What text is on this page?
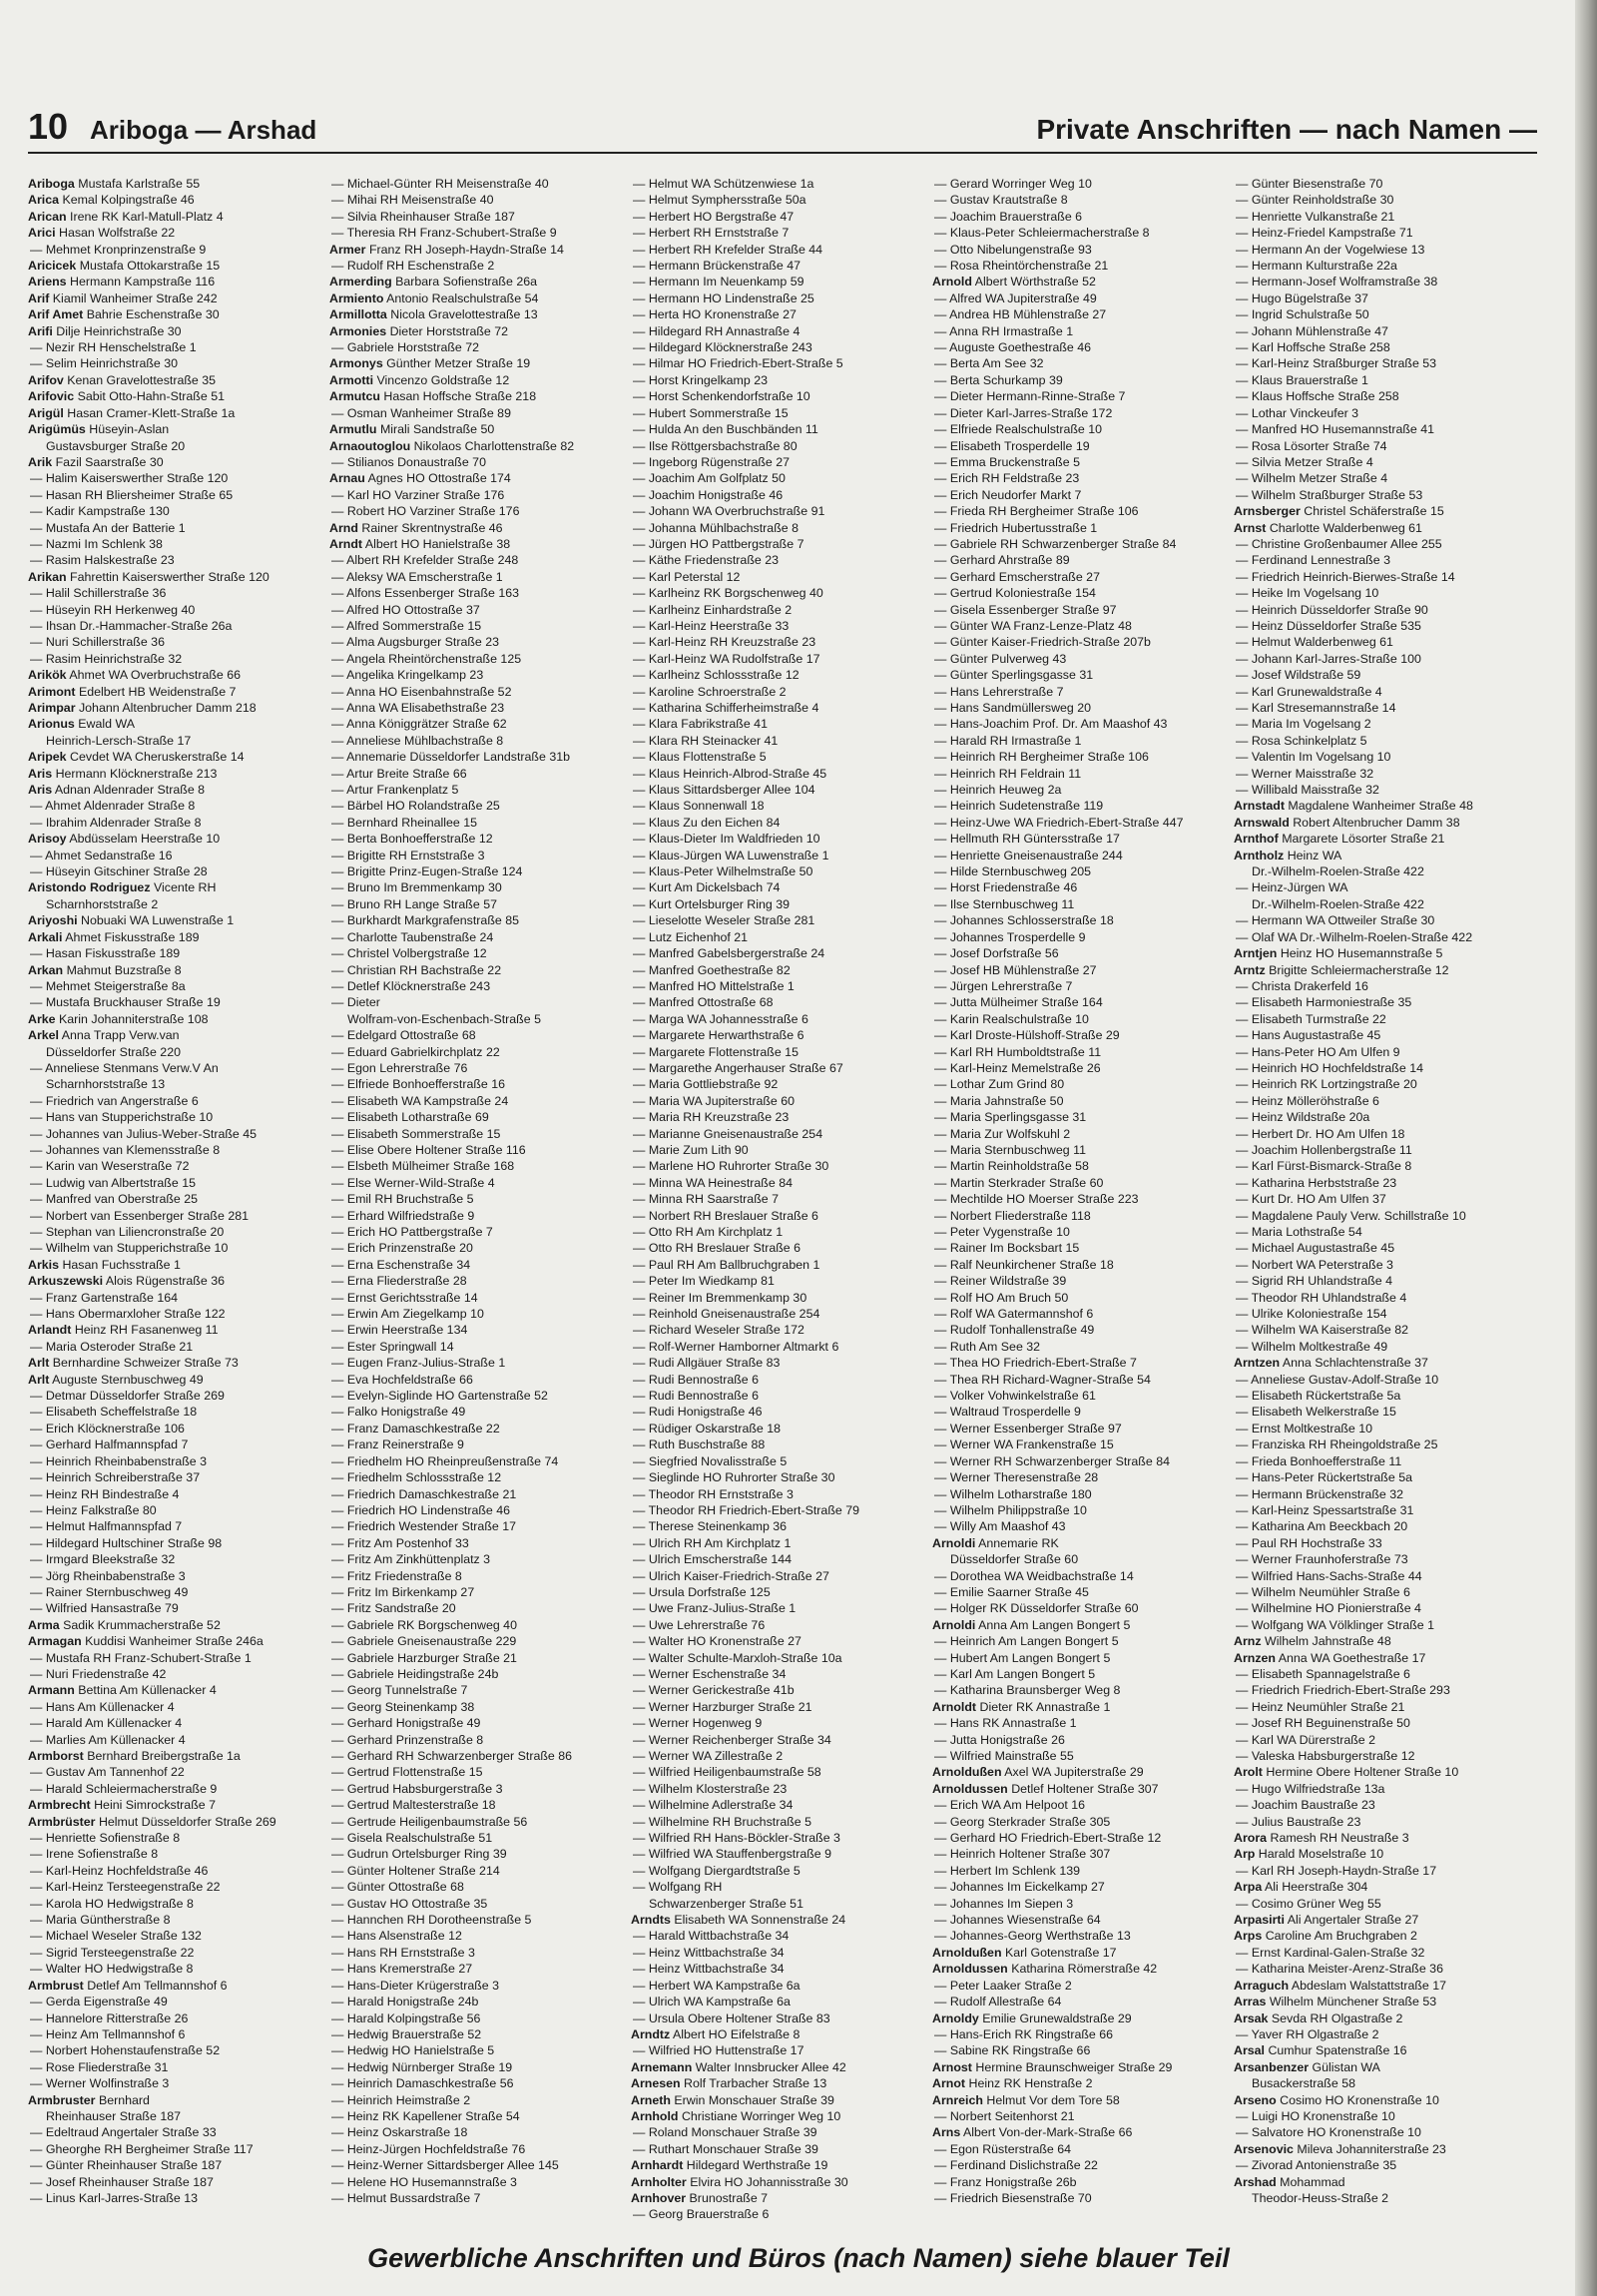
10 Ariboga — Arshad	Private Anschriften — nach Namen —
Ariboga Mustafa Karlstraße 55
Arica Kemal Kolpingstraße 46
Arican Irene RK Karl-Matull-Platz 4
Arici Hasan Wolfstraße 22
— Mehmet Kronprinzenstraße 9
Aricicek Mustafa Ottokarstraße 15
Ariens Hermann Kampstraße 116
Arif Kiamil Wanheimer Straße 242
Arif Amet Bahrie Eschenstraße 30
Arifi Dilje Heinrichstraße 30
— Nezir RH Henschelstraße 1
— Selim Heinrichstraße 30
Arifov Kenan Gravelottestraße 35
Arifovic Sabit Otto-Hahn-Straße 51
Arigül Hasan Cramer-Klett-Straße 1a
Arigümüs Hüseyin-Aslan
Gustavsburger Straße 20
Arik Fazil Saarstraße 30
— Halim Kaiserswerther Straße 120
— Hasan RH Bliersheimer Straße 65
— Kadir Kampstraße 130
— Mustafa An der Batterie 1
— Nazmi Im Schlenk 38
— Rasim Halskestraße 23
Arikan Fahrettin Kaiserswerther Straße 120
— Halil Schillerstraße 36
— Hüseyin RH Herkenweg 40
— Ihsan Dr.-Hammacher-Straße 26a
— Nuri Schillerstraße 36
— Rasim Heinrichstraße 32
Arikök Ahmet WA Overbruchstraße 66
Arimont Edelbert HB Weidenstraße 7
Arimpar Johann Altenbrucher Damm 218
Arionus Ewald WA
Heinrich-Lersch-Straße 17
Aripek Cevdet WA Cheruskerstraße 14
Aris Hermann Klöcknerstraße 213
Aris Adnan Aldenrader Straße 8
— Ahmet Aldenrader Straße 8
— Ibrahim Aldenrader Straße 8
Arisoy Abdüsselam Heerstraße 10
— Ahmet Sedanstraße 16
— Hüseyin Gitschiner Straße 28
Aristondo Rodriguez Vicente RH
Scharnhorststraße 2
Ariyoshi Nobuaki WA Luwenstraße 1
Arkali Ahmet Fiskusstraße 189
— Hasan Fiskusstraße 189
Arkan Mahmut Buzstraße 8
— Mehmet Steigerstraße 8a
— Mustafa Bruckhauser Straße 19
Arke Karin Johanniterstraße 108
Arkel Anna Trapp Verw.van
Düsseldorfer Straße 220
— Anneliese Stenmans Verw.V An
Scharnhorststraße 13
— Friedrich van Angerstraße 6
— Hans van Stupperichstraße 10
— Johannes van Julius-Weber-Straße 45
— Johannes van Klemensstraße 8
— Karin van Weserstraße 72
— Ludwig van Albertstraße 15
— Manfred van Oberstraße 25
— Norbert van Essenberger Straße 281
— Stephan van Liliencronstraße 20
— Wilhelm van Stupperichstraße 10
Arkis Hasan Fuchsstraße 1
Arkuszewski Alois Rügenstraße 36
— Franz Gartenstraße 164
— Hans Obermarxloher Straße 122
Arlandt Heinz RH Fasanenweg 11
— Maria Osteroder Straße 21
Arlt Bernhardine Schweizer Straße 73
Arlt Auguste Sternbuschweg 49
— Detmar Düsseldorfer Straße 269
— Elisabeth Scheffelstraße 18
— Erich Klöcknerstraße 106
— Gerhard Halfmannspfad 7
— Heinrich Rheinbabenstraße 3
— Heinrich Schreiberstraße 37
— Heinz RH Bindestraße 4
— Heinz Falkstraße 80
— Helmut Halfmannspfad 7
— Hildegard Hultschiner Straße 98
— Irmgard Bleekstraße 32
— Jörg Rheinbabenstraße 3
— Rainer Sternbuschweg 49
— Wilfried Hansastraße 79
Arma Sadik Krummacherstraße 52
Armagan Kuddisi Wanheimer Straße 246a
— Mustafa RH Franz-Schubert-Straße 1
— Nuri Friedenstraße 42
Armann Bettina Am Küllenacker 4
— Hans Am Küllenacker 4
— Harald Am Küllenacker 4
— Marlies Am Küllenacker 4
Armborst Bernhard Breibergstraße 1a
— Gustav Am Tannenhof 22
— Harald Schleiermacherstraße 9
Armbrecht Heini Simrockstraße 7
Armbrüster Helmut Düsseldorfer Straße 269
— Henriette Sofienstraße 8
— Irene Sofienstraße 8
— Karl-Heinz Hochfeldstraße 46
— Karl-Heinz Tersteegenstraße 22
— Karola HO Hedwigstraße 8
— Maria Güntherstraße 8
— Michael Weseler Straße 132
— Sigrid Tersteegenstraße 22
— Walter HO Hedwigstraße 8
Armbrust Detlef Am Tellmannshof 6
— Gerda Eigenstraße 49
— Hannelore Ritterstraße 26
— Heinz Am Tellmannshof 6
— Norbert Hohenstaufenstraße 52
— Rose Fliederstraße 31
— Werner Wolfinstraße 3
Armbruster Bernhard
Rheinhauser Straße 187
— Edeltraud Angertaler Straße 33
— Gheorghe RH Bergheimer Straße 117
— Günter Rheinhauser Straße 187
— Josef Rheinhauser Straße 187
— Linus Karl-Jarres-Straße 13
— Michael-Günter RH Meisenstraße 40
— Mihai RH Meisenstraße 40
— Silvia Rheinhauser Straße 187
— Theresia RH Franz-Schubert-Straße 9
Armer Franz RH Joseph-Haydn-Straße 14
— Rudolf RH Eschenstraße 2
Armerding Barbara Sofienstraße 26a
Armiento Antonio Realschulstraße 54
Armillotta Nicola Gravelottestraße 13
Armonies Dieter Horststraße 72
— Gabriele Horststraße 72
Armonys Günther Metzer Straße 19
Armotti Vincenzo Goldstraße 12
Armutcu Hasan Hoffsche Straße 218
— Osman Wanheimer Straße 89
Armutlu Mirali Sandstraße 50
Arnaoutoglou Nikolaos Charlottenstraße 82
— Stilianos Donaustraße 70
Arnau Agnes HO Ottostraße 174
— Karl HO Varziner Straße 176
— Robert HO Varziner Straße 176
Arnd Rainer Skrentnystraße 46
Arndt Albert HO Hanielstraße 38
— Albert RH Krefelder Straße 248
— Aleksy WA Emscherstraße 1
— Alfons Essenberger Straße 163
— Alfred HO Ottostraße 37
— Alfred Sommerstraße 15
— Alma Augsburger Straße 23
— Angela Rheintörchenstraße 125
— Angelika Kringelkamp 23
— Anna HO Eisenbahnstraße 52
— Anna WA Elisabethstraße 23
— Anna Königgrätzer Straße 62
— Anneliese Mühlbachstraße 8
— Annemarie Düsseldorfer Landstraße 31b
— Artur Breite Straße 66
— Artur Frankenplatz 5
— Bärbel HO Rolandstraße 25
— Bernhard Rheinallee 15
— Berta Bonhoefferstraße 12
— Brigitte RH Ernststraße 3
— Brigitte Prinz-Eugen-Straße 124
— Bruno Im Bremmenkamp 30
— Bruno RH Lange Straße 57
— Burkhardt Markgrafenstraße 85
— Charlotte Taubenstraße 24
— Christel Volbergstraße 12
— Christian RH Bachstraße 22
— Detlef Klöcknerstraße 243
— Dieter
Wolfram-von-Eschenbach-Straße 5
— Edelgard Ottostraße 68
— Eduard Gabrielkirchplatz 22
— Egon Lehrerstraße 76
— Elfriede Bonhoefferstraße 16
— Elisabeth WA Kampstraße 24
— Elisabeth Lotharstraße 69
— Elisabeth Sommerstraße 15
— Elise Obere Holtener Straße 116
— Elsbeth Mülheimer Straße 168
— Else Werner-Wild-Straße 4
— Emil RH Bruchstraße 5
— Erhard Wilfriedstraße 9
— Erich HO Pattbergstraße 7
— Erich Prinzenstraße 20
— Erna Eschenstraße 34
— Erna Fliederstraße 28
— Ernst Gerichtsstraße 14
— Erwin Am Ziegelkamp 10
— Erwin Heerstraße 134
— Ester Springwall 14
— Eugen Franz-Julius-Straße 1
— Eva Hochfeldstraße 66
— Evelyn-Siglinde HO Gartenstraße 52
— Falko Honigstraße 49
— Franz Damaschkestraße 22
— Franz Reinerstraße 9
— Friedhelm HO Rheinpreußenstraße 74
— Friedhelm Schlossstraße 12
— Friedrich Damaschkestraße 21
— Friedrich HO Lindenstraße 46
— Friedrich Westender Straße 17
— Fritz Am Postenhof 33
— Fritz Am Zinkhüttenplatz 3
— Fritz Friedenstraße 8
— Fritz Im Birkenkamp 27
— Fritz Sandstraße 20
— Gabriele RK Borgschenweg 40
— Gabriele Gneisenaustraße 229
— Gabriele Harzburger Straße 21
— Gabriele Heidingstraße 24b
— Georg Tunnelstraße 7
— Georg Steinenkamp 38
— Gerhard Honigstraße 49
— Gerhard Prinzenstraße 8
— Gerhard RH Schwarzenberger Straße 86
— Gertrud Flottenstraße 15
— Gertrud Habsburgerstraße 3
— Gertrud Maltesterstraße 18
— Gertrude Heiligenbaumstraße 56
— Gisela Realschulstraße 51
— Gudrun Ortelsburger Ring 39
— Günter Holtener Straße 214
— Günter Ottostraße 68
— Gustav HO Ottostraße 35
— Hannchen RH Dorotheenstraße 5
— Hans Alsenstraße 12
— Hans RH Ernststraße 3
— Hans Kremerstraße 27
— Hans-Dieter Krügerstraße 3
— Harald Honigstraße 24b
— Harald Kolpingstraße 56
— Hedwig Brauerstraße 52
— Hedwig HO Hanielstraße 5
— Hedwig Nürnberger Straße 19
— Heinrich Damaschkestraße 56
— Heinrich Heimstraße 2
— Heinz RK Kapellener Straße 54
— Heinz Oskarstraße 18
— Heinz-Jürgen Hochfeldstraße 76
— Heinz-Werner Sittardsberger Allee 145
— Helene HO Husemannstraße 3
— Helmut Bussardstraße 7
— Helmut WA Schützenwiese 1a
— Helmut Symphersstraße 50a
— Herbert HO Bergstraße 47
— Herbert RH Ernststraße 7
— Herbert RH Krefelder Straße 44
— Hermann Brückenstraße 47
— Hermann Im Neuenkamp 59
— Hermann HO Lindenstraße 25
— Herta HO Kronenstraße 27
— Hildegard RH Annastraße 4
— Hildegard Klöcknerstraße 243
— Hilmar HO Friedrich-Ebert-Straße 5
— Horst Kringelkamp 23
— Horst Schenkendorfstraße 10
— Hubert Sommerstraße 15
— Hulda An den Buschbänden 11
— Ilse Röttgersbachstraße 80
— Ingeborg Rügenstraße 27
— Joachim Am Golfplatz 50
— Joachim Honigstraße 46
— Johann WA Overbruchstraße 91
— Johanna Mühlbachstraße 8
— Jürgen HO Pattbergstraße 7
— Käthe Friedenstraße 23
— Karl Peterstal 12
— Karlheinz RK Borgschenweg 40
— Karlheinz Einhardstraße 2
— Karl-Heinz Heerstraße 33
— Karl-Heinz RH Kreuzstraße 23
— Karl-Heinz WA Rudolfstraße 17
— Karlheinz Schlossstraße 12
— Karoline Schroerstraße 2
— Katharina Schifferheimstraße 4
— Klara Fabrikstraße 41
— Klara RH Steinacker 41
— Klaus Flottenstraße 5
— Klaus Heinrich-Albrod-Straße 45
— Klaus Sittardsberger Allee 104
— Klaus Sonnenwall 18
— Klaus Zu den Eichen 84
— Klaus-Dieter Im Waldfrieden 10
— Klaus-Jürgen WA Luwenstraße 1
— Klaus-Peter Wilhelmstraße 50
— Kurt Am Dickelsbach 74
— Kurt Ortelsburger Ring 39
— Lieselotte Weseler Straße 281
— Lutz Eichenhof 21
— Manfred Gabelsbergerstraße 24
— Manfred Goethestraße 82
— Manfred HO Mittelstraße 1
— Manfred Ottostraße 68
— Marga WA Johannesstraße 6
— Margarete Herwarthstraße 6
— Margarete Flottenstraße 15
— Margarethe Angerhauser Straße 67
— Maria Gottliebstraße 92
— Maria WA Jupiterstraße 60
— Maria RH Kreuzstraße 23
— Marianne Gneisenaustraße 254
— Marie Zum Lith 90
— Marlene HO Ruhrorter Straße 30
— Minna WA Heinestraße 84
— Minna RH Saarstraße 7
— Norbert RH Breslauer Straße 6
— Otto RH Am Kirchplatz 1
— Otto RH Breslauer Straße 6
— Paul RH Am Ballbruchgraben 1
— Peter Im Wiedkamp 81
— Reiner Im Bremmenkamp 30
— Reinhold Gneisenaustraße 254
— Richard Weseler Straße 172
— Rolf-Werner Hamborner Altmarkt 6
— Rudi Allgäuer Straße 83
— Rudi Bennostraße 6
— Rudi Bennostraße 6
— Rudi Honigstraße 46
— Rüdiger Oskarstraße 18
— Ruth Buschstraße 88
— Siegfried Novalisstraße 5
— Sieglinde HO Ruhrorter Straße 30
— Theodor RH Ernststraße 3
— Theodor RH Friedrich-Ebert-Straße 79
— Therese Steinenkamp 36
— Ulrich RH Am Kirchplatz 1
— Ulrich Emscherstraße 144
— Ulrich Kaiser-Friedrich-Straße 27
— Ursula Dorfstraße 125
— Uwe Franz-Julius-Straße 1
— Uwe Lehrerstraße 76
— Walter HO Kronenstraße 27
— Walter Schulte-Marxloh-Straße 10a
— Werner Eschenstraße 34
— Werner Gerickestraße 41b
— Werner Harzburger Straße 21
— Werner Hogenweg 9
— Werner Reichenberger Straße 34
— Werner WA Zillestraße 2
— Wilfried Heiligenbaumstraße 58
— Wilhelm Klosterstraße 23
— Wilhelmine Adlerstraße 34
— Wilhelmine RH Bruchstraße 5
— Wilfried RH Hans-Böckler-Straße 3
— Wilfried WA Stauffenbergstraße 9
— Wolfgang Diergardtstraße 5
— Wolfgang RH
Schwarzenberger Straße 51
Arndts Elisabeth WA Sonnenstraße 24
— Harald Wittbachstraße 34
— Heinz Wittbachstraße 34
— Heinz Wittbachstraße 34
— Herbert WA Kampstraße 6a
— Ulrich WA Kampstraße 6a
— Ursula Obere Holtener Straße 83
Arndtz Albert HO Eifelstraße 8
— Wilfried HO Huttenstraße 17
Arnemann Walter Innsbrucker Allee 42
Arnesen Rolf Trarbacher Straße 13
Arneth Erwin Monschauer Straße 39
Arnhold Christiane Worringer Weg 10
— Roland Monschauer Straße 39
— Ruthart Monschauer Straße 39
Arnhardt Hildegard Werthstraße 19
Arnholter Elvira HO Johannisstraße 30
Arnhover Brunostraße 7
— Georg Brauerstraße 6
— Gerard Worringer Weg 10
— Gustav Krautstraße 8
— Joachim Brauerstraße 6
— Klaus-Peter Schleiermacherstraße 8
— Otto Nibelungenstraße 93
— Rosa Rheintörchenstraße 21
Arnold Albert Wörthstraße 52
— Alfred WA Jupiterstraße 49
— Andrea HB Mühlenstraße 27
— Anna RH Irmastraße 1
— Auguste Goethestraße 46
— Berta Am See 32
— Berta Schurkamp 39
— Dieter Hermann-Rinne-Straße 7
— Dieter Karl-Jarres-Straße 172
— Elfriede Realschulstraße 10
— Elisabeth Trosperdelle 19
— Emma Bruckenstraße 5
— Erich RH Feldstraße 23
— Erich Neudorfer Markt 7
— Frieda RH Bergheimer Straße 106
— Friedrich Hubertusstraße 1
— Gabriele RH Schwarzenberger Straße 84
— Gerhard Ahrstraße 89
— Gerhard Emscherstraße 27
— Gertrud Koloniestraße 154
— Gisela Essenberger Straße 97
— Günter WA Franz-Lenze-Platz 48
— Günter Kaiser-Friedrich-Straße 207b
— Günter Pulverweg 43
— Günter Sperlingsgasse 31
— Hans Lehrerstraße 7
— Hans Sandmüllersweg 20
— Hans-Joachim Prof. Dr. Am Maashof 43
— Harald RH Irmastraße 1
— Heinrich RH Bergheimer Straße 106
— Heinrich RH Feldrain 11
— Heinrich Heuweg 2a
— Heinrich Sudetenstraße 119
— Heinz-Uwe WA Friedrich-Ebert-Straße 447
— Hellmuth RH Güntersstraße 17
— Henriette Gneisenaustraße 244
— Hilde Sternbuschweg 205
— Horst Friedenstraße 46
— Ilse Sternbuschweg 11
— Johannes Schlosserstraße 18
— Johannes Trosperdelle 9
— Josef Dorfstraße 56
— Josef HB Mühlenstraße 27
— Jürgen Lehrerstraße 7
— Jutta Mülheimer Straße 164
— Karin Realschulstraße 10
— Karl Droste-Hülshoff-Straße 29
— Karl RH Humboldtstraße 11
— Karl-Heinz Memelstraße 26
— Lothar Zum Grind 80
— Maria Jahnstraße 50
— Maria Sperlingsgasse 31
— Maria Zur Wolfskuhl 2
— Maria Sternbuschweg 11
— Martin Reinholdstraße 58
— Martin Sterkrader Straße 60
— Mechtilde HO Moerser Straße 223
— Norbert Fliederstraße 118
— Peter Vygenstraße 10
— Rainer Im Bocksbart 15
— Ralf Neunkirchener Straße 18
— Reiner Wildstraße 39
— Rolf HO Am Bruch 50
— Rolf WA Gatermannshof 6
— Rudolf Tonhallenstraße 49
— Ruth Am See 32
— Thea HO Friedrich-Ebert-Straße 7
— Thea RH Richard-Wagner-Straße 54
— Volker Vohwinkelstraße 61
— Waltraud Trosperdelle 9
— Werner Essenberger Straße 97
— Werner WA Frankenstraße 15
— Werner RH Schwarzenberger Straße 84
— Werner Theresenstraße 28
— Wilhelm Lotharstraße 180
— Wilhelm Philippstraße 10
— Willy Am Maashof 43
Arnoldi Annemarie RK
Düsseldorfer Straße 60
— Dorothea WA Weidbachstraße 14
— Emilie Saarner Straße 45
— Holger RK Düsseldorfer Straße 60
Arnoldi Anna Am Langen Bongert 5
— Heinrich Am Langen Bongert 5
— Hubert Am Langen Bongert 5
— Karl Am Langen Bongert 5
— Katharina Braunsberger Weg 8
Arnoldt Dieter RK Annastraße 1
— Hans RK Annastraße 1
— Jutta Honigstraße 26
— Wilfried Mainstraße 55
Arnoldußen Axel WA Jupiterstraße 29
Arnoldussen Detlef Holtener Straße 307
— Erich WA Am Helpoot 16
— Georg Sterkrader Straße 305
— Gerhard HO Friedrich-Ebert-Straße 12
— Heinrich Holtener Straße 307
— Herbert Im Schlenk 139
— Johannes Im Eickelkamp 27
— Johannes Im Siepen 3
— Johannes Wiesenstraße 64
— Johannes-Georg Werthstraße 13
Arnoldußen Karl Gotenstraße 17
Arnoldussen Katharina Römerstraße 42
— Peter Laaker Straße 2
— Rudolf Allestraße 64
Arnoldy Emilie Grunewaldstraße 29
— Hans-Erich RK Ringstraße 66
— Sabine RK Ringstraße 66
Arnost Hermine Braunschweiger Straße 29
Arnot Heinz RK Henstraße 2
Arnreich Helmut Vor dem Tore 58
— Norbert Seitenhorst 21
Arns Albert Von-der-Mark-Straße 66
— Egon Rüsterstraße 64
— Ferdinand Dislichstraße 22
— Franz Honigstraße 26b
— Friedrich Biesenstraße 70
— Günter Biesenstraße 70
— Günter Reinholdstraße 30
— Henriette Vulkanstraße 21
— Heinz-Friedel Kampstraße 71
— Hermann An der Vogelwiese 13
— Hermann Kulturstraße 22a
— Hermann-Josef Wolframstraße 38
— Hugo Bügelstraße 37
— Ingrid Schulstraße 50
— Johann Mühlenstraße 47
— Karl Hoffsche Straße 258
— Karl-Heinz Straßburger Straße 53
— Klaus Brauerstraße 1
— Klaus Hoffsche Straße 258
— Lothar Vinckeufer 3
— Manfred HO Husemannstraße 41
— Rosa Lösorter Straße 74
— Silvia Metzer Straße 4
— Wilhelm Metzer Straße 4
— Wilhelm Straßburger Straße 53
Arnsberger Christel Schäferstraße 15
Arnst Charlotte Walderbenweg 61
— Christine Großenbaumer Allee 255
— Ferdinand Lennestraße 3
— Friedrich Heinrich-Bierwes-Straße 14
— Heike Im Vogelsang 10
— Heinrich Düsseldorfer Straße 90
— Heinz Düsseldorfer Straße 535
— Helmut Walderbenweg 61
— Johann Karl-Jarres-Straße 100
— Josef Wildstraße 59
— Karl Grunewaldstraße 4
— Karl Stresemannstraße 14
— Maria Im Vogelsang 2
— Rosa Schinkelplatz 5
— Valentin Im Vogelsang 10
— Werner Maisstraße 32
— Willibald Maisstraße 32
Arnstadt Magdalene Wanheimer Straße 48
Arnswald Robert Altenbrucher Damm 38
Arnthof Margarete Lösorter Straße 21
Arntholz Heinz WA
Dr.-Wilhelm-Roelen-Straße 422
— Heinz-Jürgen WA
Dr.-Wilhelm-Roelen-Straße 422
— Hermann WA Ottweiler Straße 30
— Olaf WA Dr.-Wilhelm-Roelen-Straße 422
Arntjen Heinz HO Husemannstraße 5
Arntz Brigitte Schleiermacherstraße 12
— Christa Drakerfeld 16
— Elisabeth Harmoniestraße 35
— Elisabeth Turmstraße 22
— Hans Augustastraße 45
— Hans-Peter HO Am Ulfen 9
— Heinrich HO Hochfeldstraße 14
— Heinrich RK Lortzingstraße 20
— Heinz Mölleröhstraße 6
— Heinz Wildstraße 20a
— Herbert Dr. HO Am Ulfen 18
— Joachim Hollenbergstraße 11
— Karl Fürst-Bismarck-Straße 8
— Katharina Herbststraße 23
— Kurt Dr. HO Am Ulfen 37
— Magdalene Pauly Verw. Schillstraße 10
— Maria Lothstraße 54
— Michael Augustastraße 45
— Norbert WA Peterstraße 3
— Sigrid RH Uhlandstraße 4
— Theodor RH Uhlandstraße 4
— Ulrike Koloniestraße 154
— Wilhelm WA Kaiserstraße 82
— Wilhelm Moltkestraße 49
Arntzen Anna Schlachtenstraße 37
— Anneliese Gustav-Adolf-Straße 10
— Elisabeth Rückertstraße 5a
— Elisabeth Welkerstraße 15
— Ernst Moltkestraße 10
— Franziska RH Rheingoldstraße 25
— Frieda Bonhoefferstraße 11
— Hans-Peter Rückertstraße 5a
— Hermann Brückenstraße 32
— Karl-Heinz Spessartstraße 31
— Katharina Am Beeckbach 20
— Paul RH Hochstraße 33
— Werner Fraunhoferstraße 73
— Wilfried Hans-Sachs-Straße 44
— Wilhelm Neumühler Straße 6
— Wilhelmine HO Pionierstraße 4
— Wolfgang WA Völklinger Straße 1
Arnz Wilhelm Jahnstraße 48
Arnzen Anna WA Goethestraße 17
— Elisabeth Spannagelstraße 6
— Friedrich Friedrich-Ebert-Straße 293
— Heinz Neumühler Straße 21
— Josef RH Beguinenstraße 50
— Karl WA Dürerstraße 2
— Valeska Habsburgerstraße 12
Arolt Hermine Obere Holtener Straße 10
— Hugo Wilfriedstraße 13a
— Joachim Baustraße 23
— Julius Baustraße 23
Arora Ramesh RH Neustraße 3
Arp Harald Moselstraße 10
— Karl RH Joseph-Haydn-Straße 17
Arpa Ali Heerstraße 304
— Cosimo Grüner Weg 55
Arpasirti Ali Angertaler Straße 27
Arps Caroline Am Bruchgraben 2
— Ernst Kardinal-Galen-Straße 32
— Katharina Meister-Arenz-Straße 36
Arraguch Abdeslam Walstattstraße 17
Arras Wilhelm Münchener Straße 53
Arsak Sevda RH Olgastraße 2
— Yaver RH Olgastraße 2
Arsal Cumhur Spatenstraße 16
Arsanbenzer Gülistan WA
Busackerstraße 58
Arseno Cosimo HO Kronenstraße 10
— Luigi HO Kronenstraße 10
— Salvatore HO Kronenstraße 10
Arsenovic Mileva Johanniterstraße 23
— Zivorad Antonienstraße 35
Arshad Mohammad
Theodor-Heuss-Straße 2
Gewerbliche Anschriften und Büros (nach Namen) siehe blauer Teil
